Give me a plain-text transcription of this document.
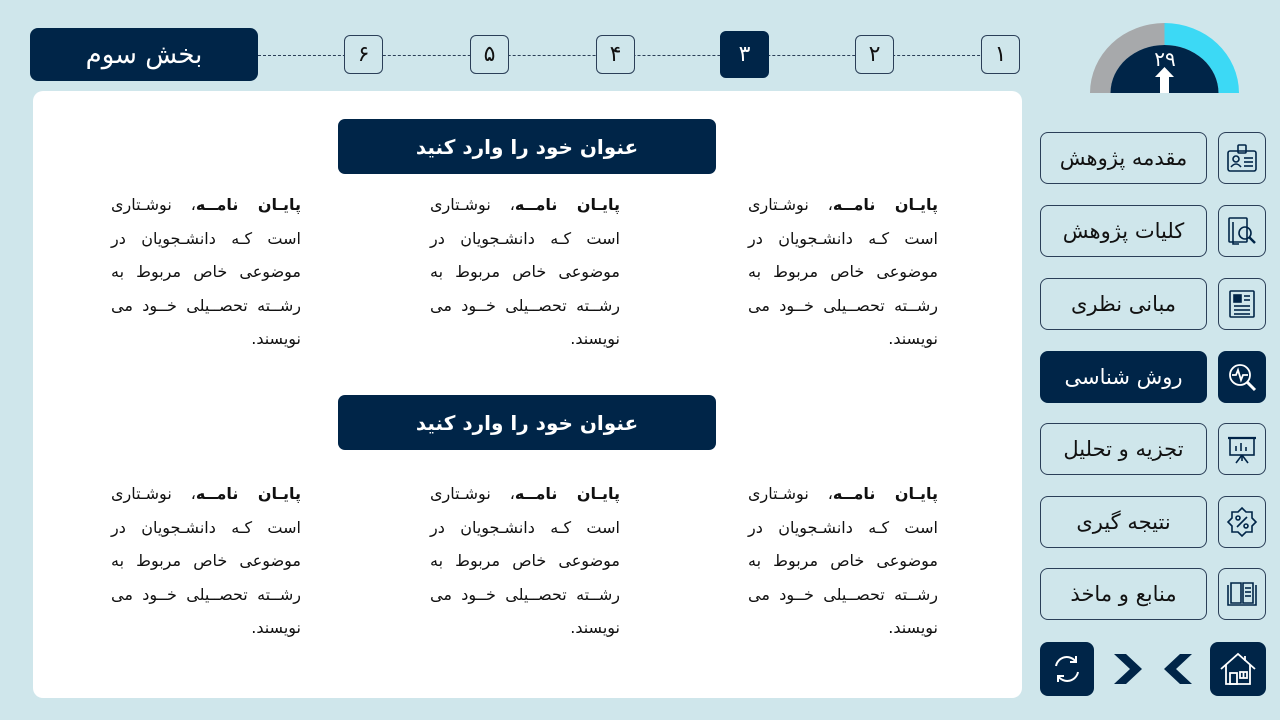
بخش سوم	۱
۲
۳
۴
۵
۶	۲۹
عنوان خود را وارد کنید
عنوان خود را وارد کنید
پایـان نامــه، نوشـتاری است کـه دانشـجویان در موضوعی خاص مربوط به رشــته تحصــیلی خــود می نویسند.
پایـان نامــه، نوشـتاری است کـه دانشـجویان در موضوعی خاص مربوط به رشــته تحصــیلی خــود می نویسند.
پایـان نامــه، نوشـتاری است کـه دانشـجویان در موضوعی خاص مربوط به رشــته تحصــیلی خــود می نویسند.
پایـان نامــه، نوشـتاری است کـه دانشـجویان در موضوعی خاص مربوط به رشــته تحصــیلی خــود می نویسند.
پایـان نامــه، نوشـتاری است کـه دانشـجویان در موضوعی خاص مربوط به رشــته تحصــیلی خــود می نویسند.
پایـان نامــه، نوشـتاری است کـه دانشـجویان در موضوعی خاص مربوط به رشــته تحصــیلی خــود می نویسند.
مقدمه پژوهش
کلیات پژوهش
مبانی نظری
روش شناسی
تجزیه و تحلیل
نتیجه گیری
منابع و ماخذ
